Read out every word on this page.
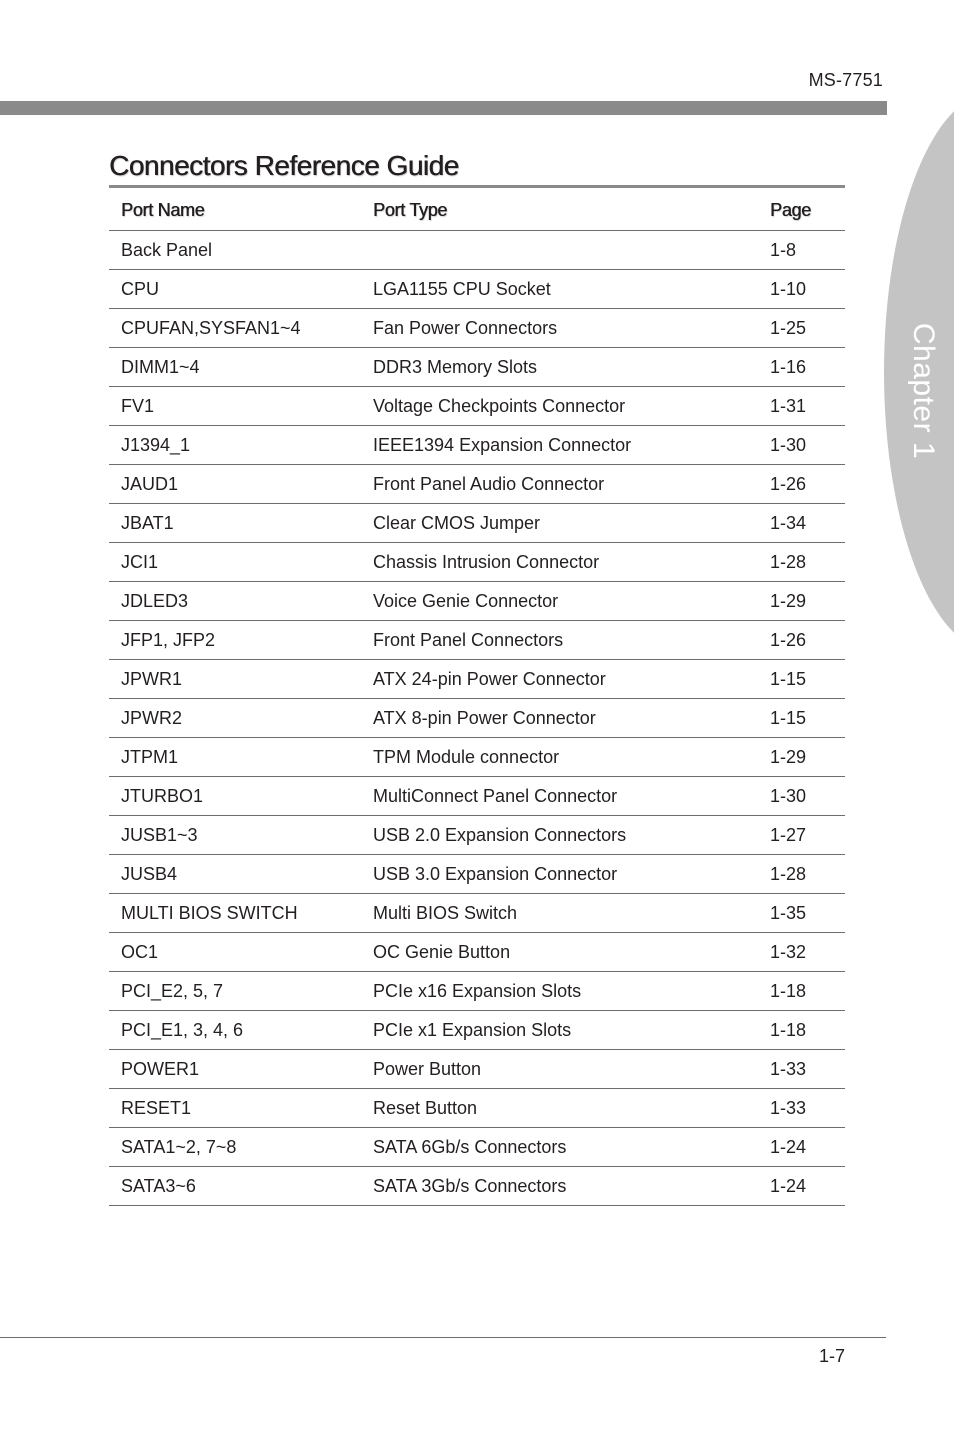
MS-7751
Chapter 1
Connectors Reference Guide
Port Name	Port Type	Page
Back Panel		1-8
CPU	LGA1155 CPU Socket	1-10
CPUFAN,SYSFAN1~4	Fan Power Connectors	1-25
DIMM1~4	DDR3 Memory Slots	1-16
FV1	Voltage Checkpoints Connector	1-31
J1394_1	IEEE1394 Expansion Connector	1-30
JAUD1	Front Panel Audio Connector	1-26
JBAT1	Clear CMOS Jumper	1-34
JCI1	Chassis Intrusion Connector	1-28
JDLED3	Voice Genie Connector	1-29
JFP1, JFP2	Front Panel Connectors	1-26
JPWR1	ATX 24-pin Power Connector	1-15
JPWR2	ATX 8-pin Power Connector	1-15
JTPM1	TPM Module connector	1-29
JTURBO1	MultiConnect Panel Connector	1-30
JUSB1~3	USB 2.0 Expansion Connectors	1-27
JUSB4	USB 3.0 Expansion Connector	1-28
MULTI BIOS SWITCH	Multi BIOS Switch	1-35
OC1	OC Genie Button	1-32
PCI_E2, 5, 7	PCIe x16 Expansion Slots	1-18
PCI_E1, 3, 4, 6	PCIe x1 Expansion Slots	1-18
POWER1	Power Button	1-33
RESET1	Reset Button	1-33
SATA1~2, 7~8	SATA 6Gb/s Connectors	1-24
SATA3~6	SATA 3Gb/s Connectors	1-24
1-7
